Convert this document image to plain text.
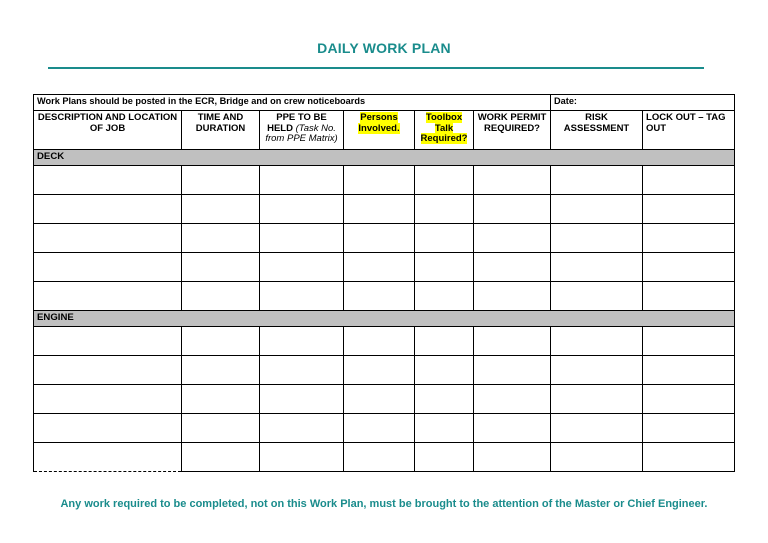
DAILY WORK PLAN
Work Plans should be posted in the ECR, Bridge and on crew noticeboards						Date:	
DESCRIPTION AND LOCATION OF JOB	TIME AND DURATION	PPE TO BE HELD (Task No. from PPE Matrix)	Persons Involved.	Toolbox Talk Required?	WORK PERMIT REQUIRED?	RISK ASSESSMENT	LOCK OUT – TAG OUT
DECK							

ENGINE							

Any work required to be completed, not on this Work Plan, must be brought to the attention of the Master or Chief Engineer.
